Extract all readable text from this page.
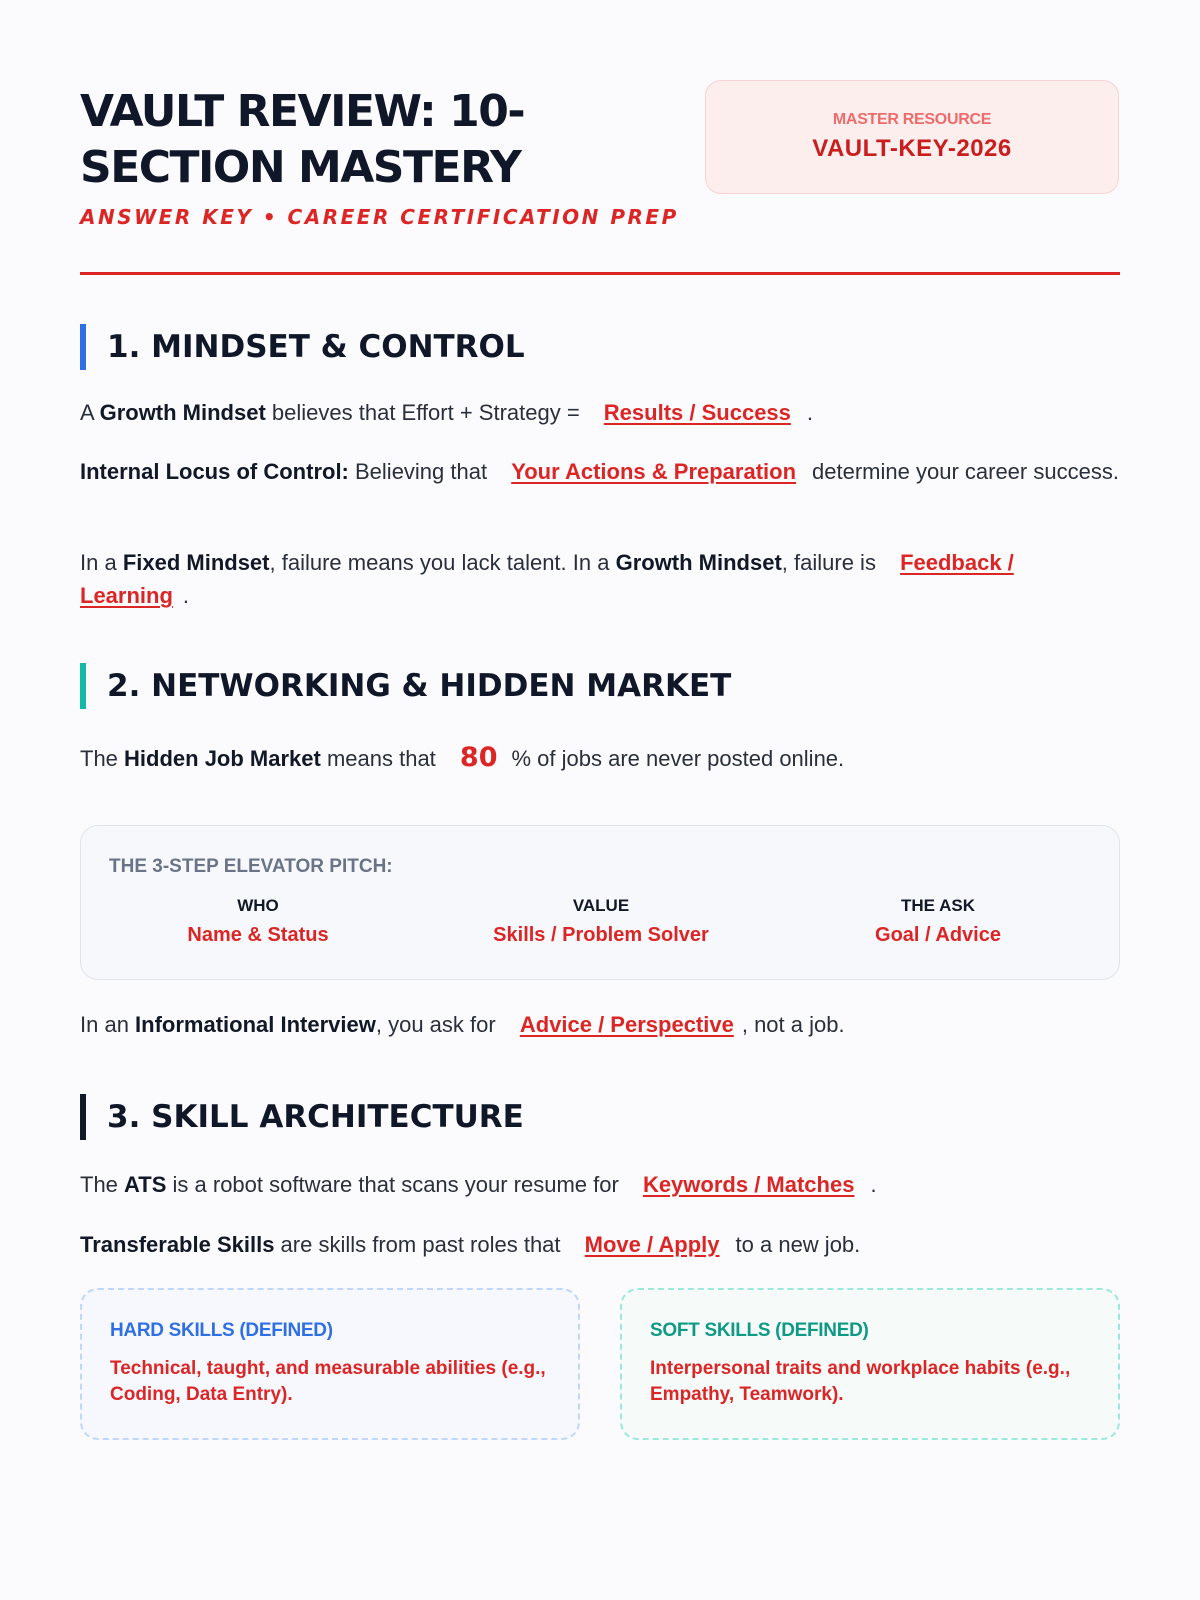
VAULT REVIEW: 10-SECTION MASTERY
ANSWER KEY • CAREER CERTIFICATION PREP
MASTER RESOURCE
VAULT-KEY-2026
1. MINDSET & CONTROL

A Growth Mindset believes that Effort + Strategy = Results / Success .

Internal Locus of Control: Believing that Your Actions & Preparation determine your career success.

In a Fixed Mindset, failure means you lack talent. In a Growth Mindset, failure is Feedback / Learning .

2. NETWORKING & HIDDEN MARKET

The Hidden Job Market means that 80 % of jobs are never posted online.

THE 3-STEP ELEVATOR PITCH:
WHO
Name & Status
VALUE
Skills / Problem Solver
THE ASK
Goal / Advice

In an Informational Interview, you ask for Advice / Perspective , not a job.

3. SKILL ARCHITECTURE

The ATS is a robot software that scans your resume for Keywords / Matches .

Transferable Skills are skills from past roles that Move / Apply to a new job.

HARD SKILLS (DEFINED)
Technical, taught, and measurable abilities (e.g., Coding, Data Entry).
SOFT SKILLS (DEFINED)
Interpersonal traits and workplace habits (e.g., Empathy, Teamwork).
